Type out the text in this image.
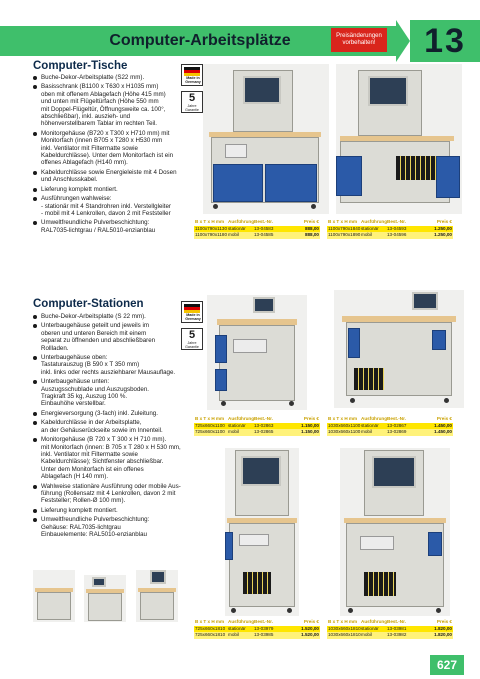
Computer-Arbeitsplätze	Preisänderungen vorbehalten!	13
Computer-Tische
Made in Germany
5
Jahre Garantie
Buche-Dekor-Arbeitsplatte (S22 mm).
Basisschrank (B1100 x T630 x H1035 mm)
oben mit offenem Ablagefach (Höhe 415 mm)
und unten mit Flügeltürfach (Höhe 550 mm
mit Doppel-Flügeltür, Öffnungsweite ca. 100°,
abschließbar), inkl. auszieh- und
höhenverstellbarem Tablar im rechten Teil.
Monitorgehäuse (B720 x T300 x H710 mm) mit
Monitorfach (innen B705 x T280 x H530 mm
inkl. Ventilator mit Filtermatte sowie
Kabeldurchlässe). Unter dem Monitorfach ist ein
offenes Ablagefach (H140 mm).
Kabeldurchlässe sowie Energieleiste mit 4 Dosen
und Anschlusskabel.
Lieferung komplett montiert.
Ausführungen wahlweise:
- stationär mit 4 Standrohren inkl. Verstellgleiter
- mobil mit 4 Lenkrollen, davon 2 mit Feststeller
Umweltfreundliche Pulverbeschichtung:
RAL7035-lichtgrau / RAL5010-enzianblau
B x T x H mm Ausführung Best.-Nr.	Preis €
1100x790x1130 stationär	13-04583	888,00
1100x790x1180 mobil	13-04585	888,00
B x T x H mm Ausführung Best.-Nr.	Preis €
1100x790x1840 stationär	13-04593	1.250,00
1100x790x1890 mobil	13-04596	1.250,00
Computer-Stationen
Made in Germany
5
Jahre Garantie
Buche-Dekor-Arbeitsplatte (S 22 mm).
Unterbaugehäuse geteilt und jeweils im
oberen und unteren Bereich mit einem
separat zu öffnenden und abschließbaren
Rollladen.
Unterbaugehäuse oben:
Tastaturauszug (B 590 x T 350 mm)
inkl. links oder rechts ausziehbarer Mausauflage.
Unterbaugehäuse unten:
Auszugsschublade und Auszugsboden.
Tragkraft 35 kg, Auszug 100 %.
Einbauhöhe verstellbar.
Energieversorgung (3-fach) inkl. Zuleitung.
Kabeldurchlässe in der Arbeitsplatte,
an der Gehäuserückseite sowie im Innenteil.
Monitorgehäuse (B 720 x T 300 x H 710 mm).
mit Monitorfach (innen: B 705 x T 280 x H 530 mm,
inkl. Ventilator mit Filtermatte sowie
Kabeldurchlässe); Sichtfenster abschließbar.
Unter dem Monitorfach ist ein offenes
Ablagefach (H 140 mm).
Wahlweise stationäre Ausführung oder mobile Aus-
führung (Rollensatz mit 4 Lenkrollen, davon 2 mit
Feststeller; Rollen-Ø 100 mm).
Lieferung komplett montiert.
Umweltfreundliche Pulverbeschichtung:
Gehäuse: RAL7035-lichtgrau
Einbauelemente: RAL5010-enzianblau
B x T x H mm Ausführung Best.-Nr.	Preis €
725x660x1100 stationär	13-02863	1.150,00
725x660x1100 mobil	13-02865	1.150,00
B x T x H mm Ausführung Best.-Nr.	Preis €
1030x660x1100 stationär	13-02867	1.450,00
1030x660x1100 mobil	13-02869	1.450,00
B x T x H mm Ausführung Best.-Nr.	Preis €
725x660x1810 stationär	13-03979	1.520,00
725x660x1810 mobil	13-03985	1.520,00
B x T x H mm Ausführung Best.-Nr.	Preis €
1030x660x1810 stationär	13-03981	1.820,00
1030x660x1810 mobil	13-03982	1.820,00
627
